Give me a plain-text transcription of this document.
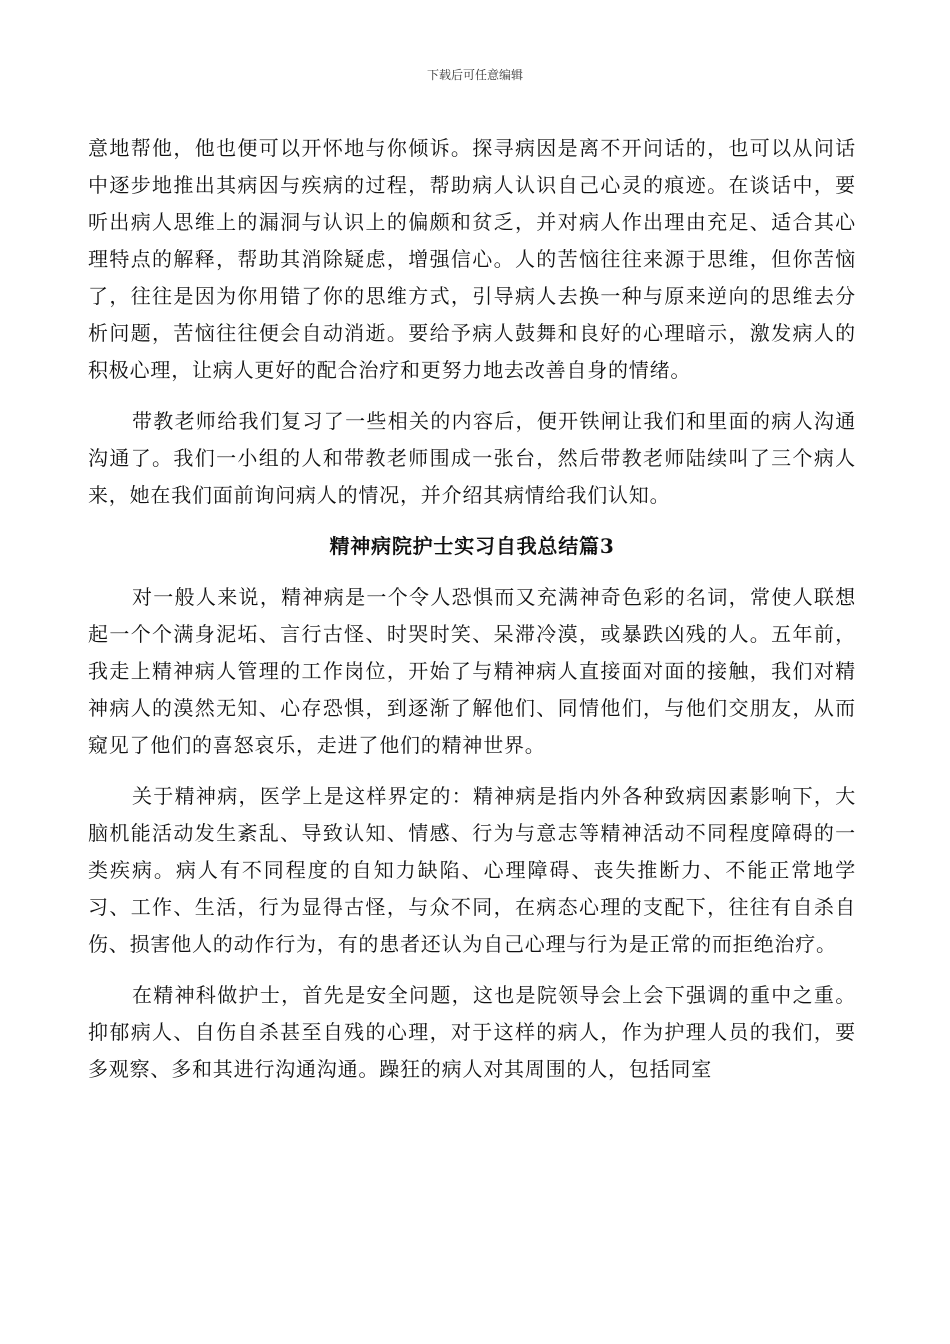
下载后可任意编辑

意地帮他，他也便可以开怀地与你倾诉。探寻病因是离不开问话的，也可以从问话中逐步地推出其病因与疾病的过程，帮助病人认识自己心灵的痕迹。在谈话中，要听出病人思维上的漏洞与认识上的偏颇和贫乏，并对病人作出理由充足、适合其心理特点的解释，帮助其消除疑虑，增强信心。人的苦恼往往来源于思维，但你苦恼了，往往是因为你用错了你的思维方式，引导病人去换一种与原来逆向的思维去分析问题，苦恼往往便会自动消逝。要给予病人鼓舞和良好的心理暗示，激发病人的积极心理，让病人更好的配合治疗和更努力地去改善自身的情绪。

带教老师给我们复习了一些相关的内容后，便开铁闸让我们和里面的病人沟通沟通了。我们一小组的人和带教老师围成一张台，然后带教老师陆续叫了三个病人来，她在我们面前询问病人的情况，并介绍其病情给我们认知。

精神病院护士实习自我总结篇3

对一般人来说，精神病是一个令人恐惧而又充满神奇色彩的名词，常使人联想起一个个满身泥坧、言行古怪、时哭时笑、呆滞冷漠，或暴跌凶残的人。五年前，我走上精神病人管理的工作岗位，开始了与精神病人直接面对面的接触，我们对精神病人的漠然无知、心存恐惧，到逐渐了解他们、同情他们，与他们交朋友，从而窥见了他们的喜怒哀乐，走进了他们的精神世界。

关于精神病，医学上是这样界定的：精神病是指内外各种致病因素影响下，大脑机能活动发生紊乱、导致认知、情感、行为与意志等精神活动不同程度障碍的一类疾病。病人有不同程度的自知力缺陷、心理障碍、丧失推断力、不能正常地学习、工作、生活，行为显得古怪，与众不同，在病态心理的支配下，往往有自杀自伤、损害他人的动作行为，有的患者还认为自己心理与行为是正常的而拒绝治疗。

在精神科做护士，首先是安全问题，这也是院领导会上会下强调的重中之重。抑郁病人、自伤自杀甚至自残的心理，对于这样的病人，作为护理人员的我们，要多观察、多和其进行沟通沟通。躁狂的病人对其周围的人，包括同室
